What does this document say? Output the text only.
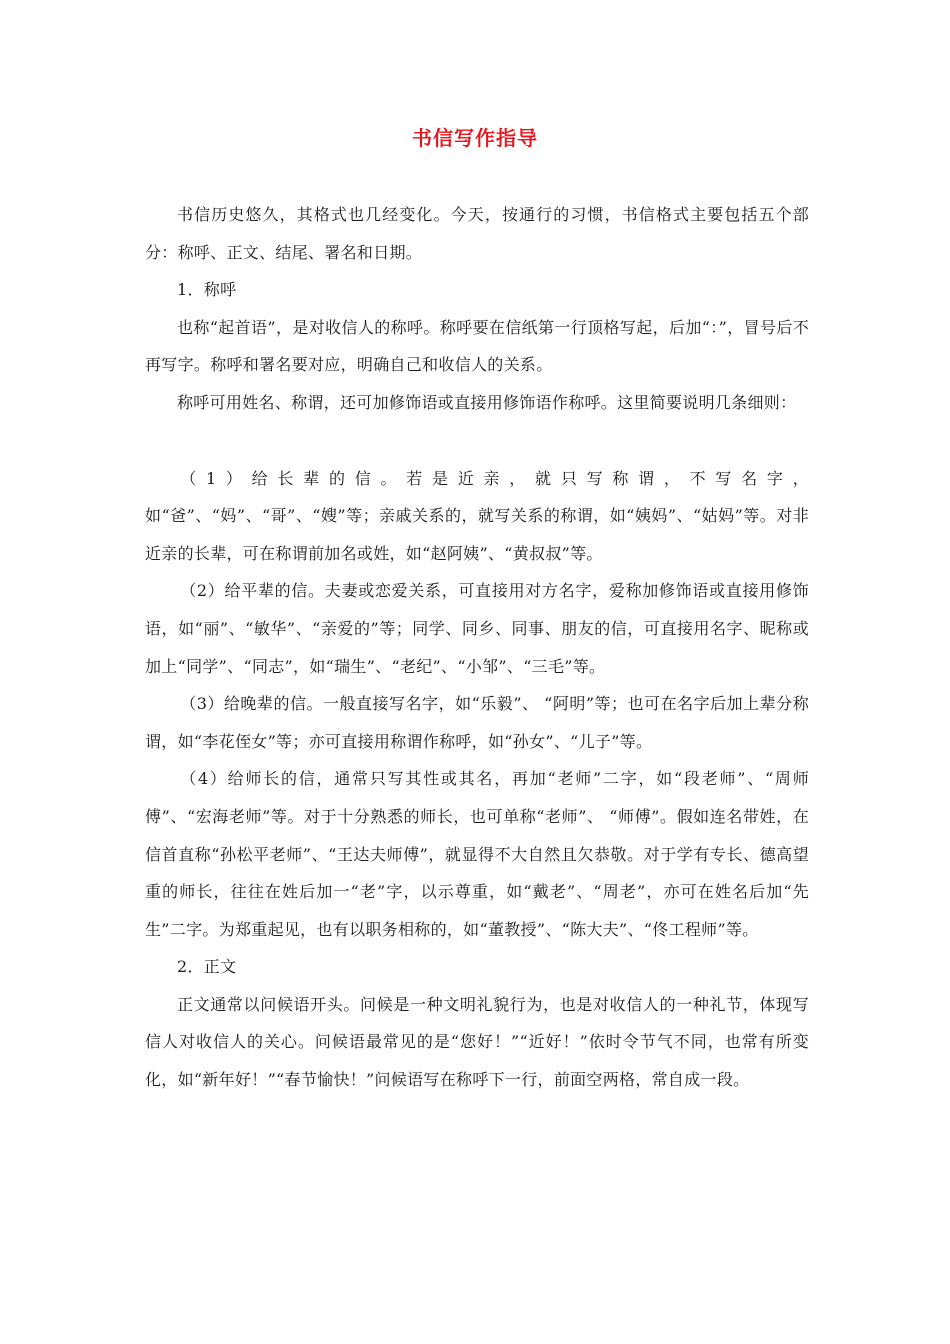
书信写作指导

书信历史悠久，其格式也几经变化。今天，按通行的习惯，书信格式主要包括五个部分：称呼、正文、结尾、署名和日期。

1．称呼

也称“起首语”，是对收信人的称呼。称呼要在信纸第一行顶格写起，后加“：”，冒号后不再写字。称呼和署名要对应，明确自己和收信人的关系。

称呼可用姓名、称谓，还可加修饰语或直接用修饰语作称呼。这里简要说明几条细则：

（1）给长辈的信。若是近亲，就只写称谓，不写名字，如“爸”、“妈”、“哥”、“嫂”等；亲戚关系的，就写关系的称谓，如“姨妈”、“姑妈”等。对非近亲的长辈，可在称谓前加名或姓，如“赵阿姨”、“黄叔叔”等。

（2）给平辈的信。夫妻或恋爱关系，可直接用对方名字，爱称加修饰语或直接用修饰语，如“丽”、“敏华”、“亲爱的”等；同学、同乡、同事、朋友的信，可直接用名字、昵称或加上“同学”、“同志”，如“瑞生”、“老纪”、“小邹”、“三毛”等。

（3）给晚辈的信。一般直接写名字，如“乐毅”、 “阿明”等；也可在名字后加上辈分称谓，如“李花侄女”等；亦可直接用称谓作称呼，如“孙女”、“儿子”等。

（4）给师长的信，通常只写其性或其名，再加“老师”二字，如“段老师”、“周师傅”、“宏海老师”等。对于十分熟悉的师长，也可单称“老师”、 “师傅”。假如连名带姓，在信首直称“孙松平老师”、“王达夫师傅”，就显得不大自然且欠恭敬。对于学有专长、德高望重的师长，往往在姓后加一“老”字，以示尊重，如“戴老”、“周老”，亦可在姓名后加“先生”二字。为郑重起见，也有以职务相称的，如“董教授”、“陈大夫”、“佟工程师”等。

2．正文

正文通常以问候语开头。问候是一种文明礼貌行为，也是对收信人的一种礼节，体现写信人对收信人的关心。问候语最常见的是“您好！”“近好！”依时令节气不同，也常有所变化，如“新年好！”“春节愉快！”问候语写在称呼下一行，前面空两格，常自成一段。
